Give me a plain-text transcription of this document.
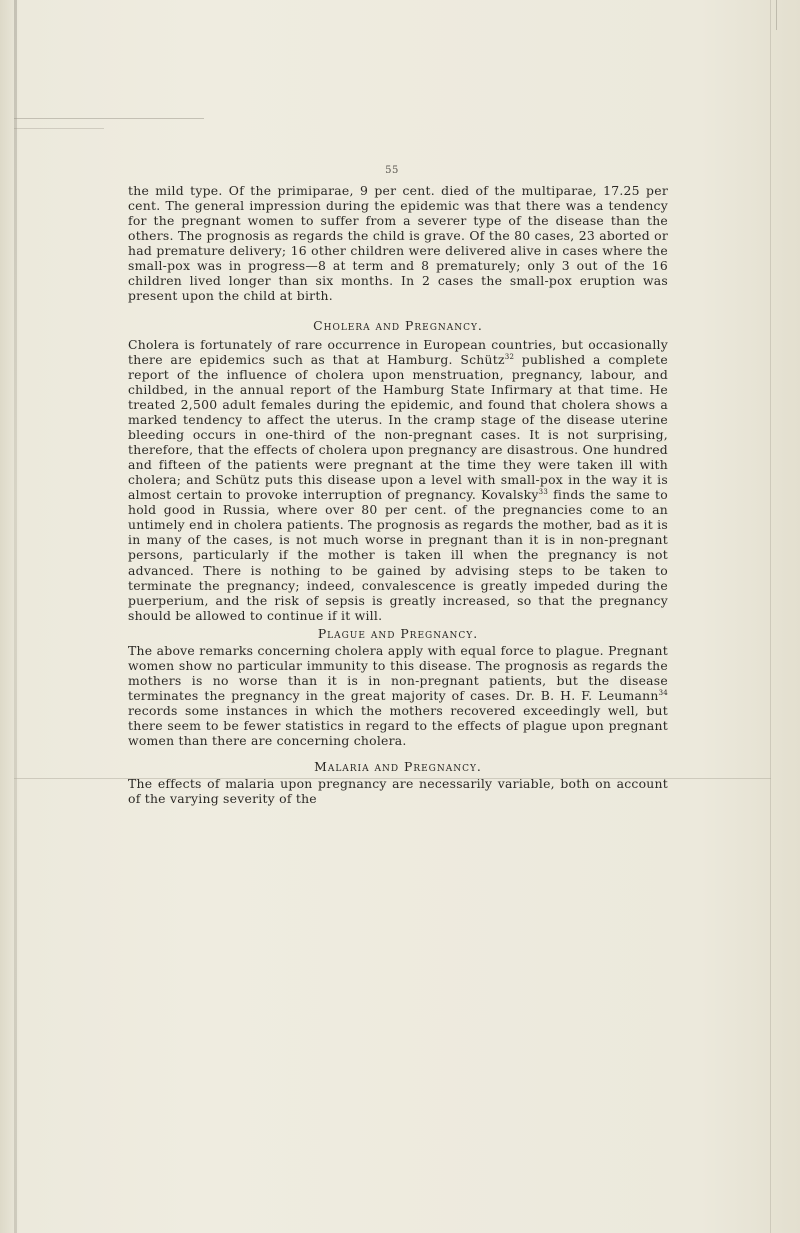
55

the mild type. Of the primiparae, 9 per cent. died of the multiparae, 17.25 per cent. The general impression during the epidemic was that there was a tendency for the pregnant women to suffer from a severer type of the disease than the others. The prognosis as regards the child is grave. Of the 80 cases, 23 aborted or had premature delivery; 16 other children were delivered alive in cases where the small-pox was in progress—8 at term and 8 prematurely; only 3 out of the 16 children lived longer than six months. In 2 cases the small-pox eruption was present upon the child at birth.

Cholera and Pregnancy.

Cholera is fortunately of rare occurrence in European countries, but occasionally there are epidemics such as that at Hamburg. Schütz$^{32}$ published a complete report of the influence of cholera upon menstruation, pregnancy, labour, and childbed, in the annual report of the Hamburg State Infirmary at that time. He treated 2,500 adult females during the epidemic, and found that cholera shows a marked tendency to affect the uterus. In the cramp stage of the disease uterine bleeding occurs in one-third of the non-pregnant cases. It is not surprising, therefore, that the effects of cholera upon pregnancy are disastrous. One hundred and fifteen of the patients were pregnant at the time they were taken ill with cholera; and Schütz puts this disease upon a level with small-pox in the way it is almost certain to provoke interruption of pregnancy. Kovalsky$^{33}$ finds the same to hold good in Russia, where over 80 per cent. of the pregnancies come to an untimely end in cholera patients. The prognosis as regards the mother, bad as it is in many of the cases, is not much worse in pregnant than it is in non-pregnant persons, particularly if the mother is taken ill when the pregnancy is not advanced. There is nothing to be gained by advising steps to be taken to terminate the pregnancy; indeed, convalescence is greatly impeded during the puerperium, and the risk of sepsis is greatly increased, so that the pregnancy should be allowed to continue if it will.

Plague and Pregnancy.

The above remarks concerning cholera apply with equal force to plague. Pregnant women show no particular immunity to this disease. The prognosis as regards the mothers is no worse than it is in non-pregnant patients, but the disease terminates the pregnancy in the great majority of cases. Dr. B. H. F. Leumann$^{34}$ records some instances in which the mothers recovered exceedingly well, but there seem to be fewer statistics in regard to the effects of plague upon pregnant women than there are concerning cholera.

Malaria and Pregnancy.

The effects of malaria upon pregnancy are necessarily variable, both on account of the varying severity of the
